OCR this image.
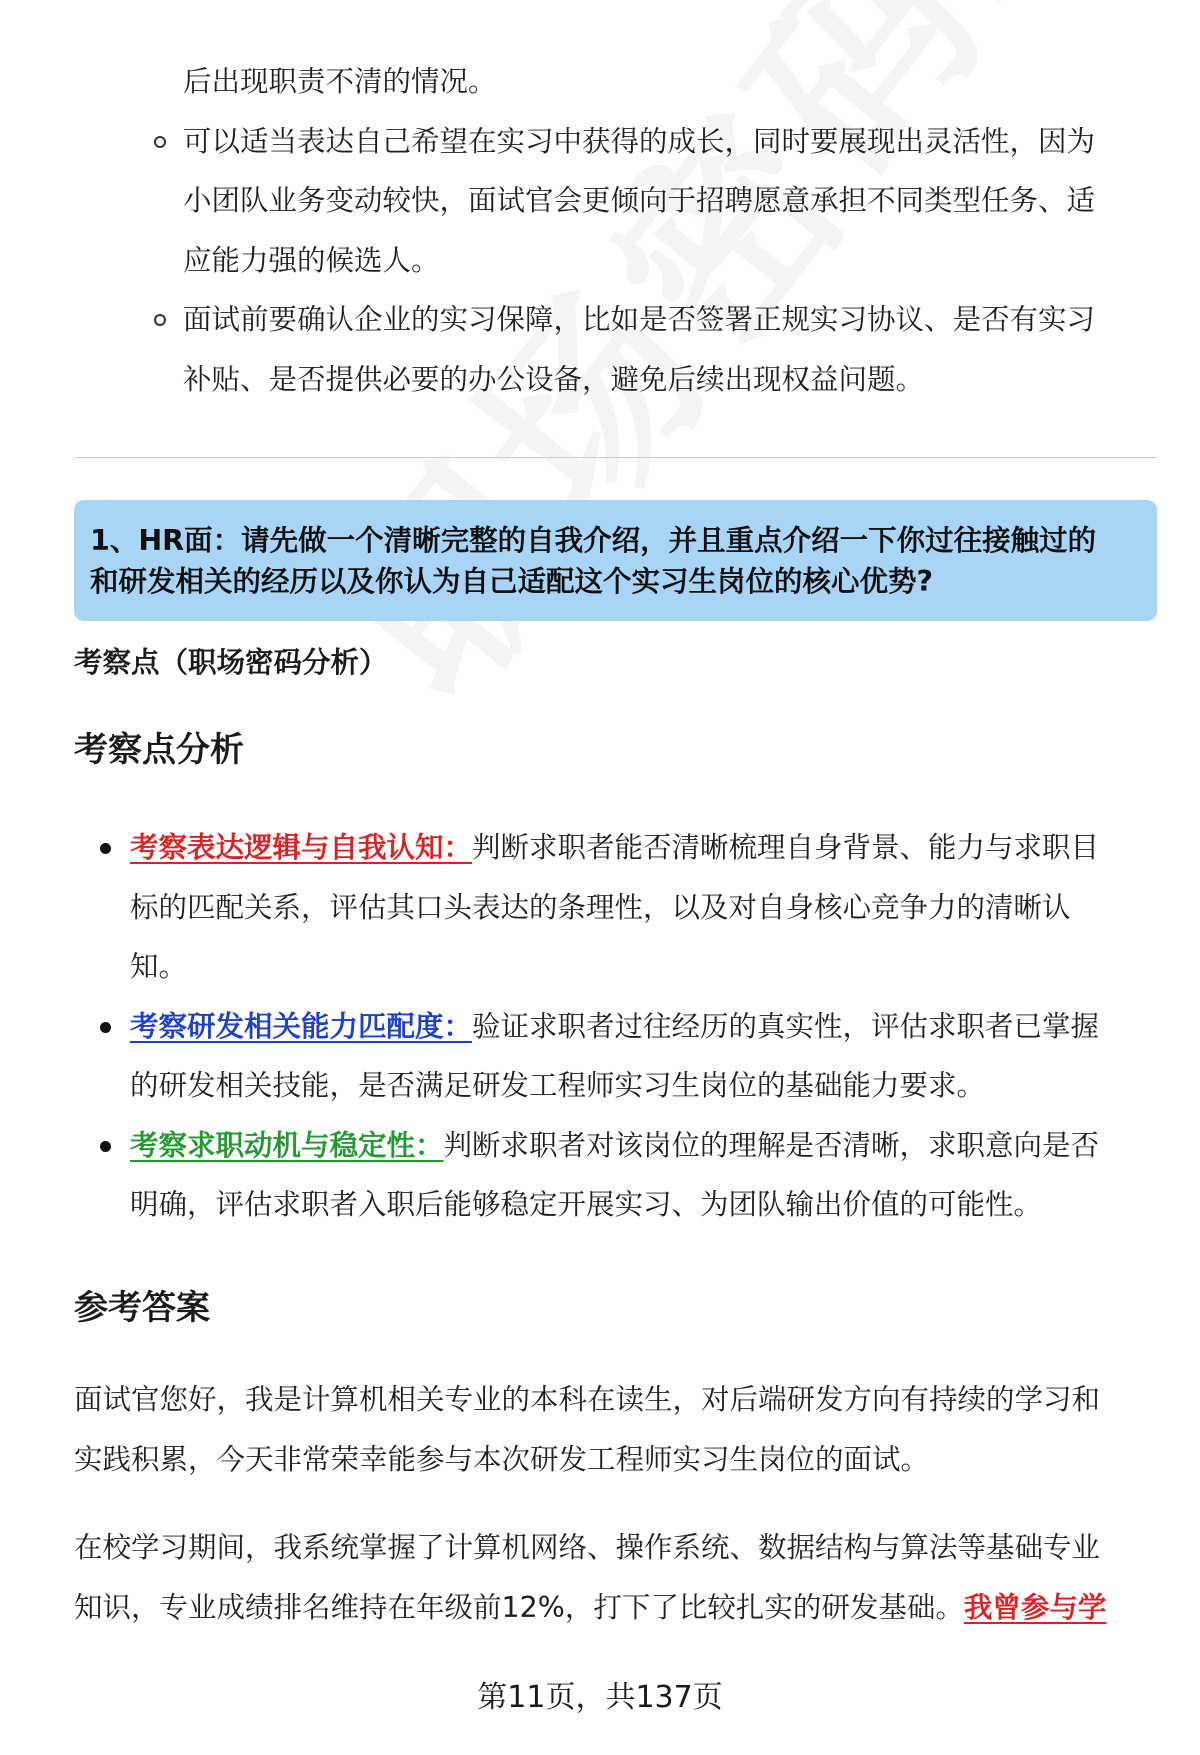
后出现职责不清的情况。
可以适当表达自己希望在实习中获得的成长，同时要展现出灵活性，因为
小团队业务变动较快，面试官会更倾向于招聘愿意承担不同类型任务、适
应能力强的候选人。
面试前要确认企业的实习保障，比如是否签署正规实习协议、是否有实习
补贴、是否提供必要的办公设备，避免后续出现权益问题。

1、HR面：请先做一个清晰完整的自我介绍，并且重点介绍一下你过往接触过的
和研发相关的经历以及你认为自己适配这个实习生岗位的核心优势?

考察点（职场密码分析）
考察点分析
考察表达逻辑与自我认知：判断求职者能否清晰梳理自身背景、能力与求职目
标的匹配关系，评估其口头表达的条理性，以及对自身核心竞争力的清晰认
知。
考察研发相关能力匹配度：验证求职者过往经历的真实性，评估求职者已掌握
的研发相关技能，是否满足研发工程师实习生岗位的基础能力要求。
考察求职动机与稳定性：判断求职者对该岗位的理解是否清晰，求职意向是否
明确，评估求职者入职后能够稳定开展实习、为团队输出价值的可能性。
参考答案

面试官您好，我是计算机相关专业的本科在读生，对后端研发方向有持续的学习和
实践积累，今天非常荣幸能参与本次研发工程师实习生岗位的面试。

在校学习期间，我系统掌握了计算机网络、操作系统、数据结构与算法等基础专业
知识，专业成绩排名维持在年级前12%，打下了比较扎实的研发基础。我曾参与学

第11页，共137页
